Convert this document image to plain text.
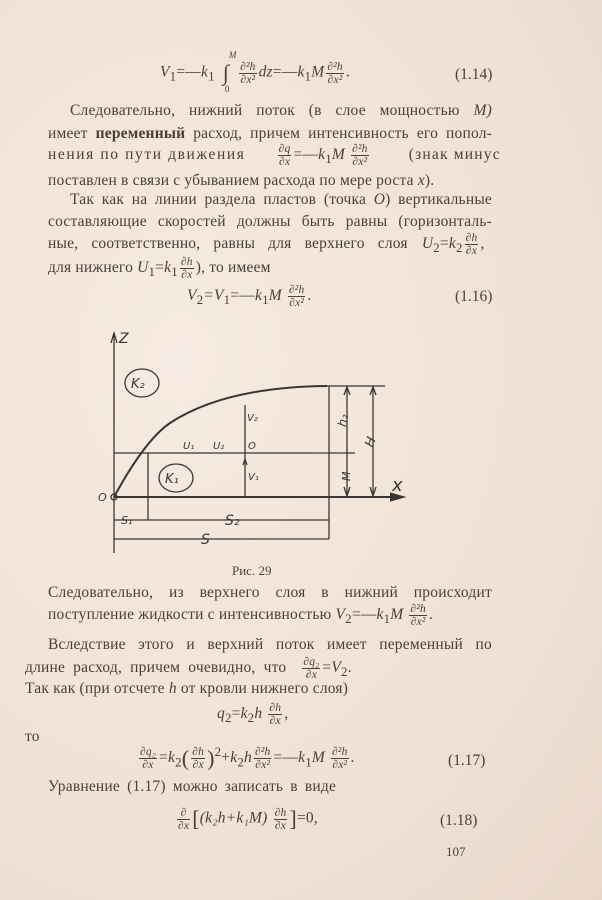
$V_1=—k_1$ ∫
M
0

$\frac{\text{∂²h}}{\text{∂x²}}$ $dz=—k_1M \frac{\text{∂²h}}{\text{∂x²}}$ .	(1.14)
Следовательно, нижний поток (в слое мощностью M)
имеет переменный расход, причем интенсивность его попол-
нения по пути движения	$\frac{\partial q}{\partial x}$ $=—k_1M \frac{\text{∂²h}}{\text{∂x²}}$	(знак минус
поставлен в связи с убыванием расхода по мере роста x).
Так как на линии раздела пластов (точка O) вертикальные
составляющие скоростей должны быть равны (горизонталь-
ные, соответственно, равны для верхнего слоя $U_2=k_2 \frac{\partial h}{\partial x}$ ,
для нижнего $U_1=k_1 \frac{\partial h}{\partial x}$ ), то имеем
$V_2=V_1=—k_1M \frac{\text{∂²h}}{\text{∂x²}}$ .	(1.16)
Z
x
O
K₂
K₁
V₂
V₁
U₁ U₂ O
h₂
H
M
S₁	S₂
S
Рис. 29
Следовательно, из верхнего слоя в нижний происходит
поступление жидкости с интенсивностью $V_2=—k_1M \frac{\text{∂²h}}{\text{∂x²}}$ .
Вследствие этого и верхний поток имеет переменный по
длине расход, причем очевидно, что $\frac{\text{∂q₂}}{\partial x} =V_2$.
Так как (при отсчете h от кровли нижнего слоя)
$q_2=k_2h \frac{\partial h}{\partial x}$ ,
то
$\frac{\text{∂q₂}}{\partial x} =k_2( \frac{\partial h}{\partial x} )^2+k_2h \frac{\text{∂²h}}{\text{∂x²}}$ $=—k_1M \frac{\text{∂²h}}{\text{∂x²}}$ .	(1.17)
Уравнение (1.17) можно записать в виде
$\frac{\partial}{\partial x} [(k_2h+k_1M) \frac{\partial h}{\partial x} ]=0$,	(1.18)
107
